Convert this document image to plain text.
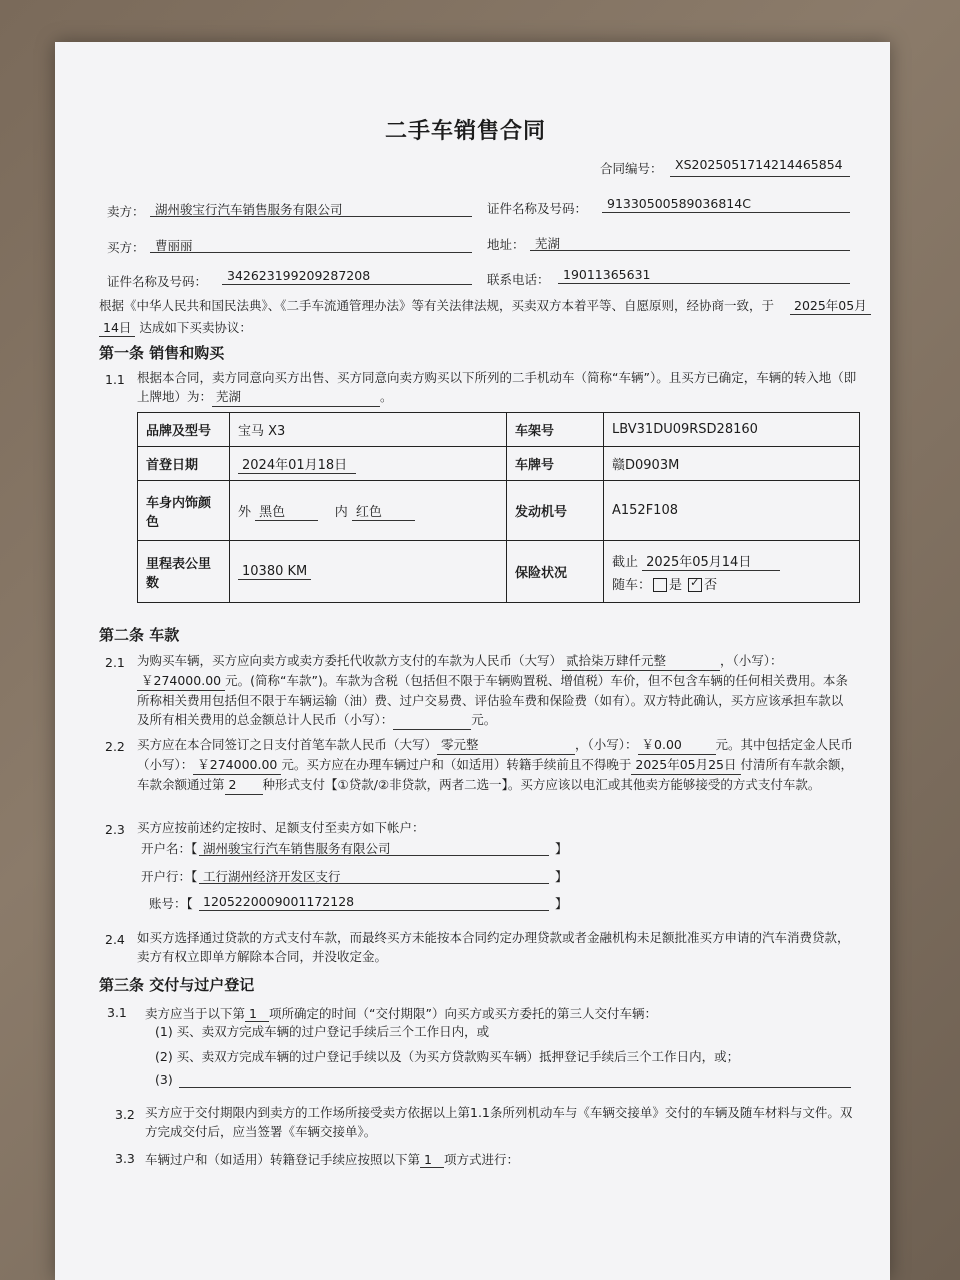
二手车销售合同
合同编号： XS2025051714214465854
卖方： 湖州骏宝行汽车销售服务有限公司	证件名称及号码： 91330500589036814C
买方： 曹丽丽	地址： 芜湖
证件名称及号码： 342623199209287208	联系电话： 19011365631
根据《中华人民共和国民法典》、《二手车流通管理办法》等有关法律法规，买卖双方本着平等、自愿原则，经协商一致，于	2025年05月
14日 达成如下买卖协议：
第一条 销售和购买
1.1 根据本合同，卖方同意向买方出售、买方同意向卖方购买以下所列的二手机动车（简称“车辆”）。且买方已确定，车辆的转入地（即上牌地）为： 芜湖	。
品牌及型号	宝马 X3	车架号	LBV31DU09RSD28160
首登日期	2024年01月18日	车牌号	赣D0903M
车身内饰颜色	外 黑色 内 红色	发动机号	A152F108
里程表公里数	10380 KM	保险状况	截止 2025年05月14日
随车： 是 ✓ 否
第二条 车款
2.1 为购买车辆，买方应向卖方或卖方委托代收款方支付的车款为人民币（大写） 贰拾柒万肆仟元整	，（小写）：￥274000.00 元。(简称“车款”)。车款为含税（包括但不限于车辆购置税、增值税）车价，但不包含车辆的任何相关费用。本条所称相关费用包括但不限于车辆运输（油）费、过户交易费、评估验车费和保险费（如有）。双方特此确认，买方应该承担车款以及所有相关费用的总金额总计人民币（小写）：	元。
2.2 买方应在本合同签订之日支付首笔车款人民币（大写） 零元整	，（小写）： ￥0.00	元。其中包括定金人民币（小写）： ￥274000.00 元。买方应在办理车辆过户和（如适用）转籍手续前且不得晚于 2025年05月25日 付清所有车款余额，车款余额通过第 2 种形式支付【①贷款/②非贷款，两者二选一】。买方应该以电汇或其他卖方能够接受的方式支付车款。
2.3 买方应按前述约定按时、足额支付至卖方如下帐户：
开户名：【 湖州骏宝行汽车销售服务有限公司	】
开户行：【 工行湖州经济开发区支行	】
账号：【 1205220009001172128	】
2.4 如买方选择通过贷款的方式支付车款，而最终买方未能按本合同约定办理贷款或者金融机构未足额批准买方申请的汽车消费贷款，卖方有权立即单方解除本合同，并没收定金。
第三条 交付与过户登记
3.1 卖方应当于以下第 1 项所确定的时间（“交付期限”）向买方或买方委托的第三人交付车辆：
(1) 买、卖双方完成车辆的过户登记手续后三个工作日内，或
(2) 买、卖双方完成车辆的过户登记手续以及（为买方贷款购买车辆）抵押登记手续后三个工作日内，或；
(3)
3.2 买方应于交付期限内到卖方的工作场所接受卖方依据以上第1.1条所列机动车与《车辆交接单》交付的车辆及随车材料与文件。双方完成交付后，应当签署《车辆交接单》。
3.3 车辆过户和（如适用）转籍登记手续应按照以下第 1 项方式进行：
